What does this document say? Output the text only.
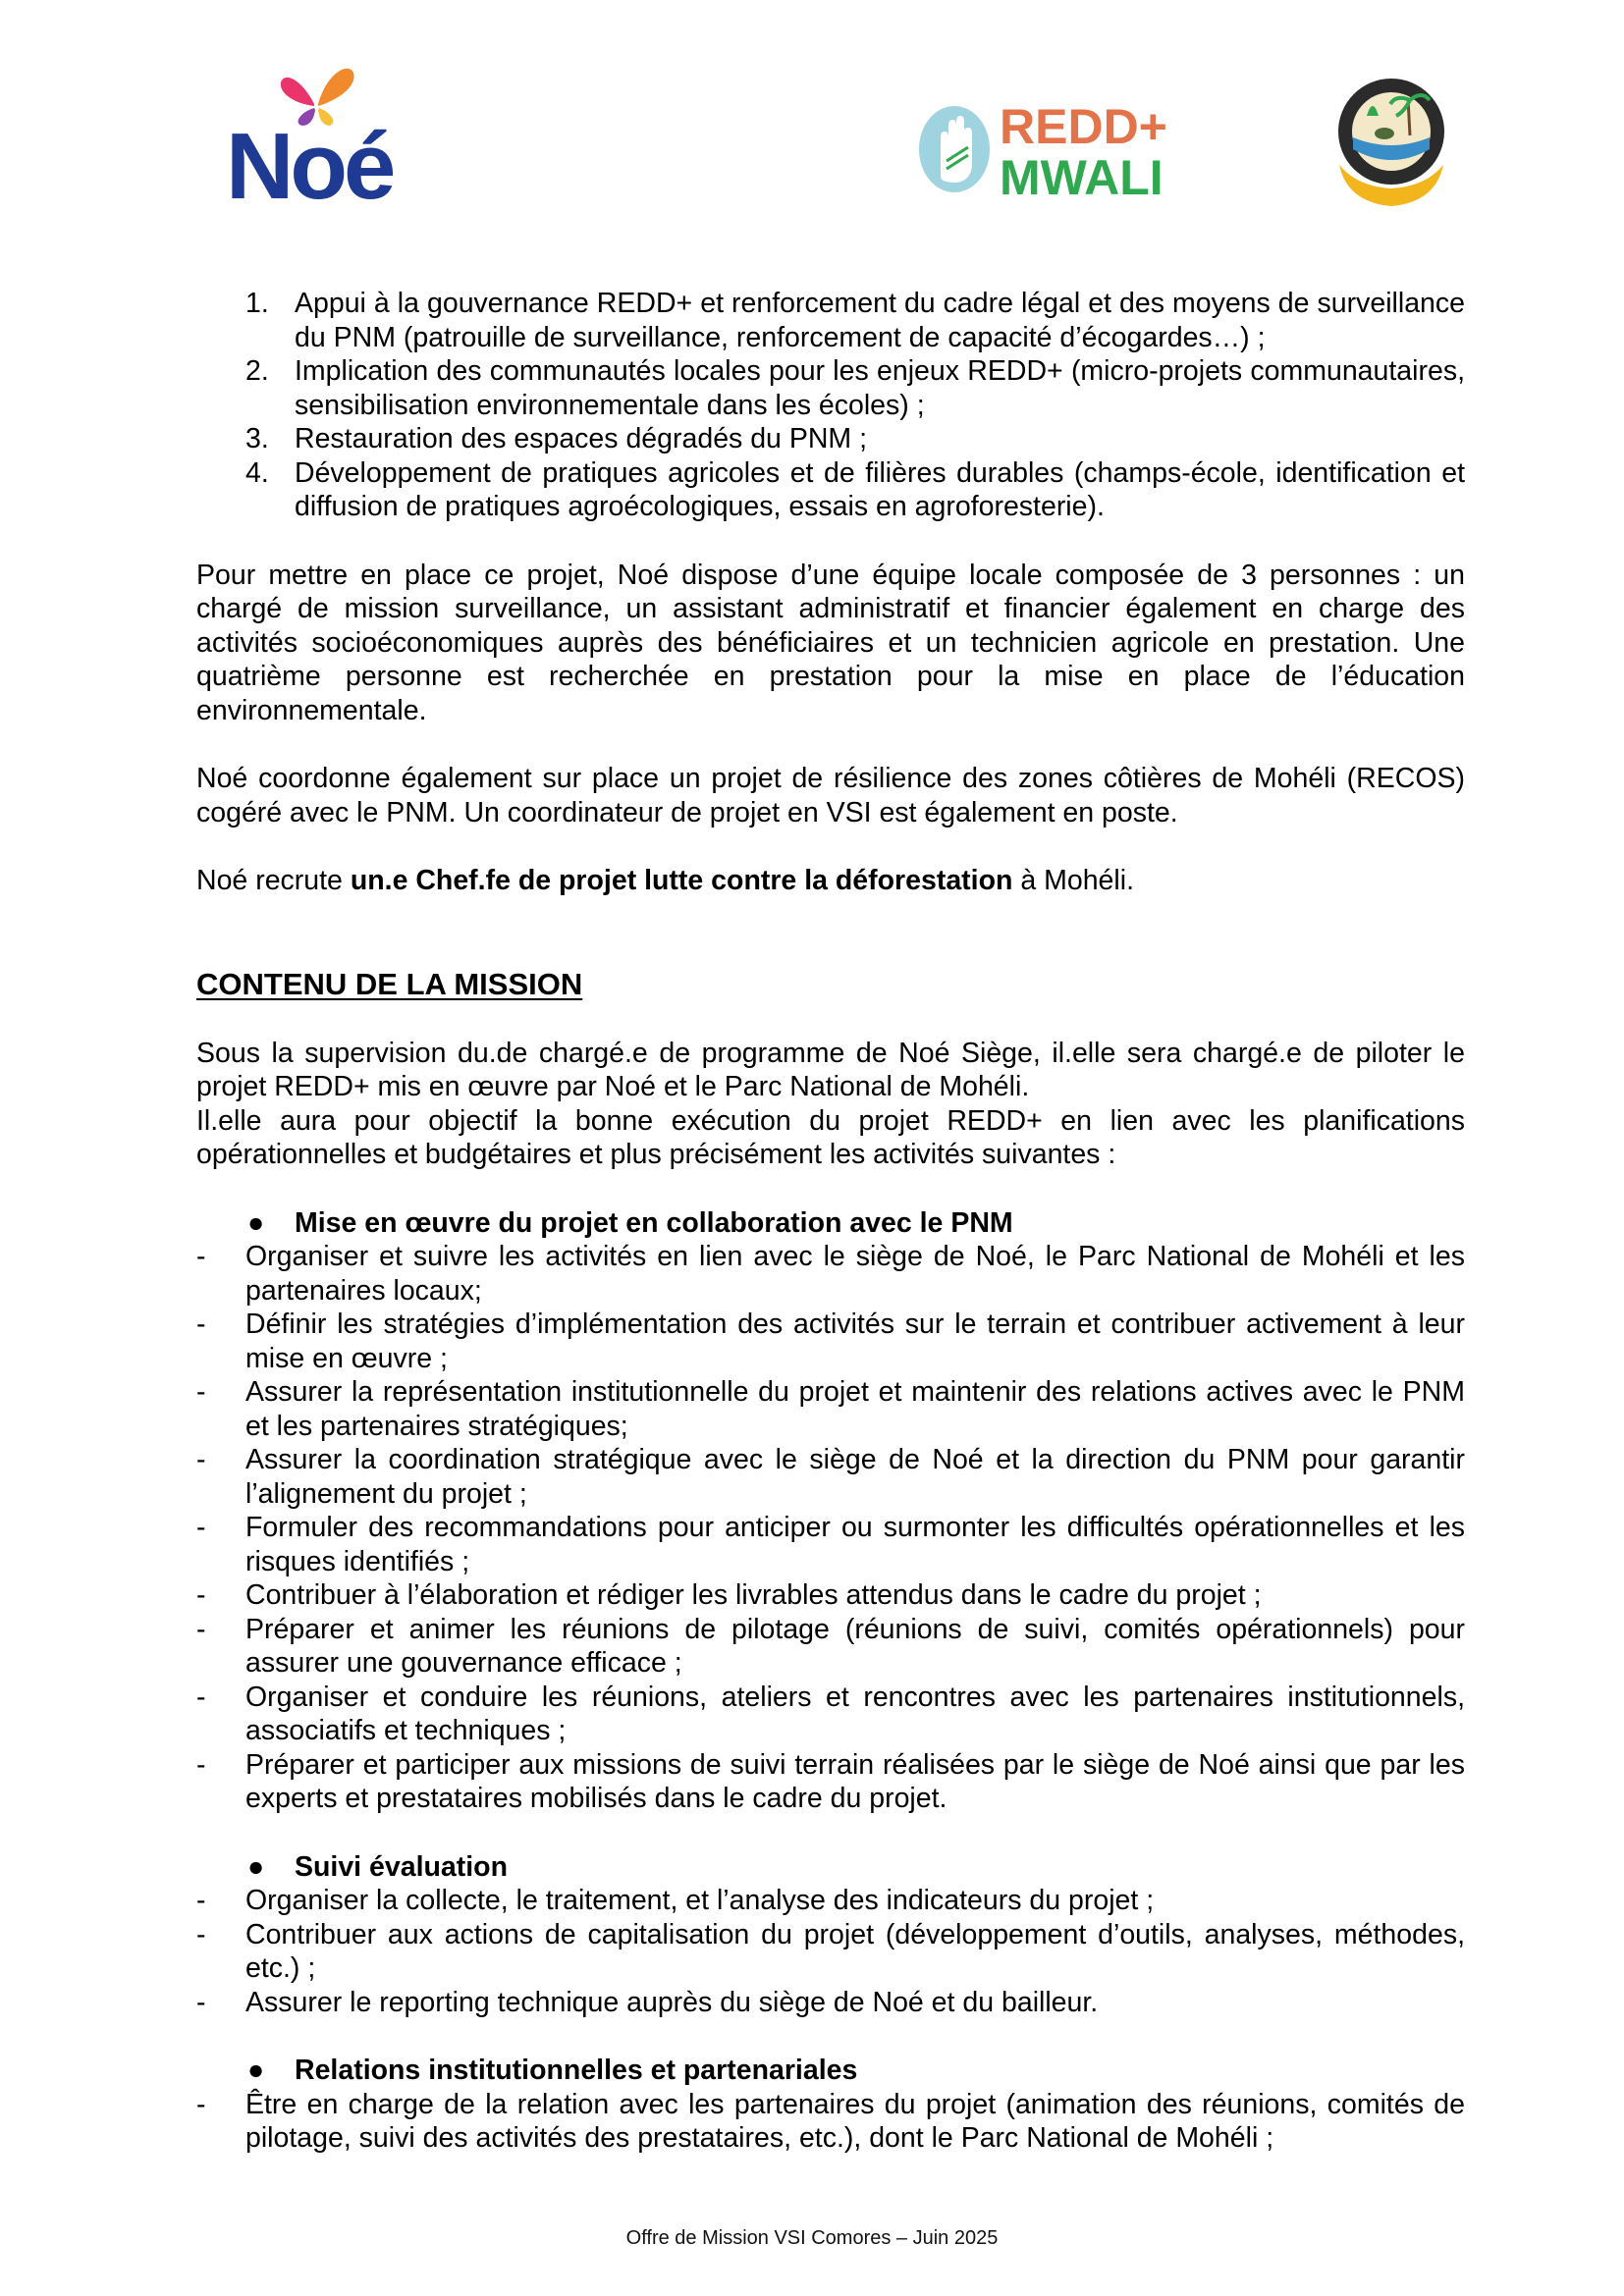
Noé	REDD+
MWALI
1. Appui à la gouvernance REDD+ et renforcement du cadre légal et des moyens de surveillance du PNM (patrouille de surveillance, renforcement de capacité d’écogardes…) ;
2. Implication des communautés locales pour les enjeux REDD+ (micro-projets communautaires, sensibilisation environnementale dans les écoles) ;
3. Restauration des espaces dégradés du PNM ;
4. Développement de pratiques agricoles et de filières durables (champs-école, identification et diffusion de pratiques agroécologiques, essais en agroforesterie).

Pour mettre en place ce projet, Noé dispose d’une équipe locale composée de 3 personnes : un chargé de mission surveillance, un assistant administratif et financier également en charge des activités socioéconomiques auprès des bénéficiaires et un technicien agricole en prestation. Une quatrième personne est recherchée en prestation pour la mise en place de l’éducation environnementale.

Noé coordonne également sur place un projet de résilience des zones côtières de Mohéli (RECOS) cogéré avec le PNM. Un coordinateur de projet en VSI est également en poste.

Noé recrute un.e Chef.fe de projet lutte contre la déforestation à Mohéli.

CONTENU DE LA MISSION

Sous la supervision du.de chargé.e de programme de Noé Siège, il.elle sera chargé.e de piloter le projet REDD+ mis en œuvre par Noé et le Parc National de Mohéli.

Il.elle aura pour objectif la bonne exécution du projet REDD+ en lien avec les planifications opérationnelles et budgétaires et plus précisément les activités suivantes :

● Mise en œuvre du projet en collaboration avec le PNM
- Organiser et suivre les activités en lien avec le siège de Noé, le Parc National de Mohéli et les partenaires locaux;
- Définir les stratégies d’implémentation des activités sur le terrain et contribuer activement à leur mise en œuvre ;
- Assurer la représentation institutionnelle du projet et maintenir des relations actives avec le PNM et les partenaires stratégiques;
- Assurer la coordination stratégique avec le siège de Noé et la direction du PNM pour garantir l’alignement du projet ;
- Formuler des recommandations pour anticiper ou surmonter les difficultés opérationnelles et les risques identifiés ;
- Contribuer à l’élaboration et rédiger les livrables attendus dans le cadre du projet ;
- Préparer et animer les réunions de pilotage (réunions de suivi, comités opérationnels) pour assurer une gouvernance efficace ;
- Organiser et conduire les réunions, ateliers et rencontres avec les partenaires institutionnels, associatifs et techniques ;
- Préparer et participer aux missions de suivi terrain réalisées par le siège de Noé ainsi que par les experts et prestataires mobilisés dans le cadre du projet.
● Suivi évaluation
- Organiser la collecte, le traitement, et l’analyse des indicateurs du projet ;
- Contribuer aux actions de capitalisation du projet (développement d’outils, analyses, méthodes, etc.) ;
- Assurer le reporting technique auprès du siège de Noé et du bailleur.
● Relations institutionnelles et partenariales
- Être en charge de la relation avec les partenaires du projet (animation des réunions, comités de pilotage, suivi des activités des prestataires, etc.), dont le Parc National de Mohéli ;
Offre de Mission VSI Comores – Juin 2025
